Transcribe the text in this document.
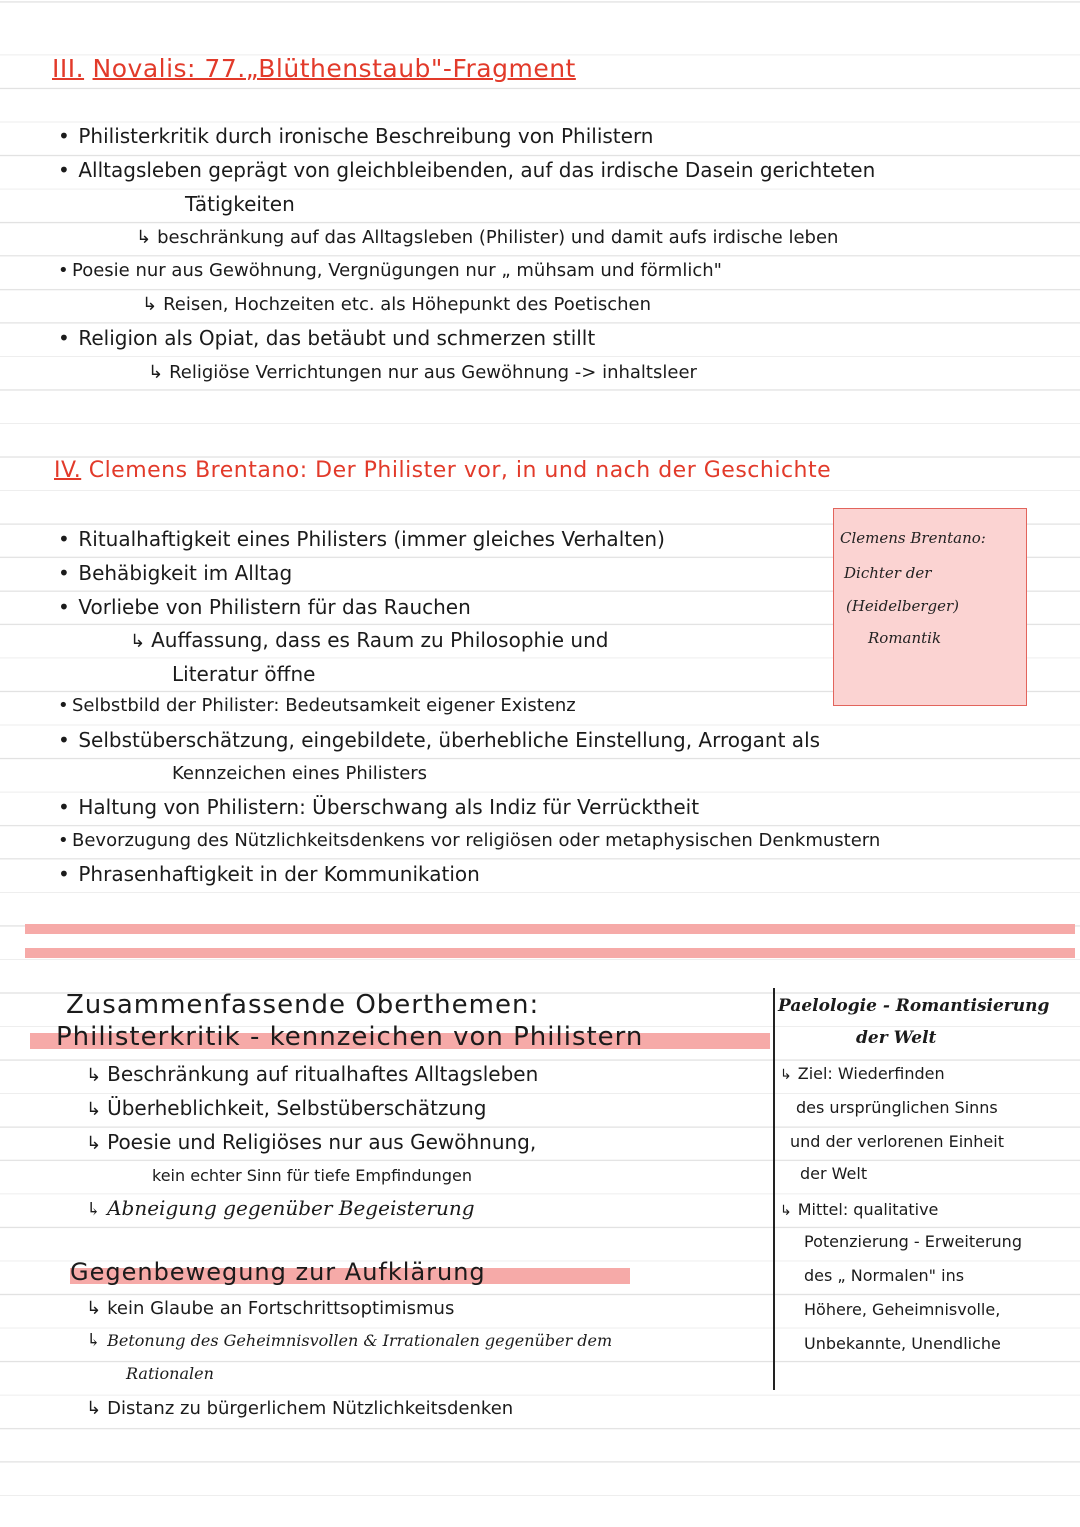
III. Novalis: 77.„Blüthenstaub"-Fragment
• Philisterkritik durch ironische Beschreibung von Philistern
• Alltagsleben geprägt von gleichbleibenden, auf das irdische Dasein gerichteten
Tätigkeiten
↳ beschränkung auf das Alltagsleben (Philister) und damit aufs irdische leben
• Poesie nur aus Gewöhnung, Vergnügungen nur „ mühsam und förmlich"
↳ Reisen, Hochzeiten etc. als Höhepunkt des Poetischen
• Religion als Opiat, das betäubt und schmerzen stillt
↳ Religiöse Verrichtungen nur aus Gewöhnung -> inhaltsleer
IV. Clemens Brentano: Der Philister vor, in und nach der Geschichte
Clemens Brentano:
Dichter der
(Heidelberger)
Romantik
• Ritualhaftigkeit eines Philisters (immer gleiches Verhalten)
• Behäbigkeit im Alltag
• Vorliebe von Philistern für das Rauchen
↳ Auffassung, dass es Raum zu Philosophie und
Literatur öffne
• Selbstbild der Philister: Bedeutsamkeit eigener Existenz
• Selbstüberschätzung, eingebildete, überhebliche Einstellung, Arrogant als
Kennzeichen eines Philisters
• Haltung von Philistern: Überschwang als Indiz für Verrücktheit
• Bevorzugung des Nützlichkeitsdenkens vor religiösen oder metaphysischen Denkmustern
• Phrasenhaftigkeit in der Kommunikation
Zusammenfassende Oberthemen:
Philisterkritik - kennzeichen von Philistern
↳ Beschränkung auf ritualhaftes Alltagsleben
↳ Überheblichkeit, Selbstüberschätzung
↳ Poesie und Religiöses nur aus Gewöhnung,
kein echter Sinn für tiefe Empfindungen
↳ Abneigung gegenüber Begeisterung
Gegenbewegung zur Aufklärung
↳ kein Glaube an Fortschrittsoptimismus
↳ Betonung des Geheimnisvollen & Irrationalen gegenüber dem
Rationalen
↳ Distanz zu bürgerlichem Nützlichkeitsdenken
Paelologie - Romantisierung
der Welt
↳ Ziel: Wiederfinden
des ursprünglichen Sinns
und der verlorenen Einheit
der Welt
↳ Mittel: qualitative
Potenzierung - Erweiterung
des „ Normalen" ins
Höhere, Geheimnisvolle,
Unbekannte, Unendliche
